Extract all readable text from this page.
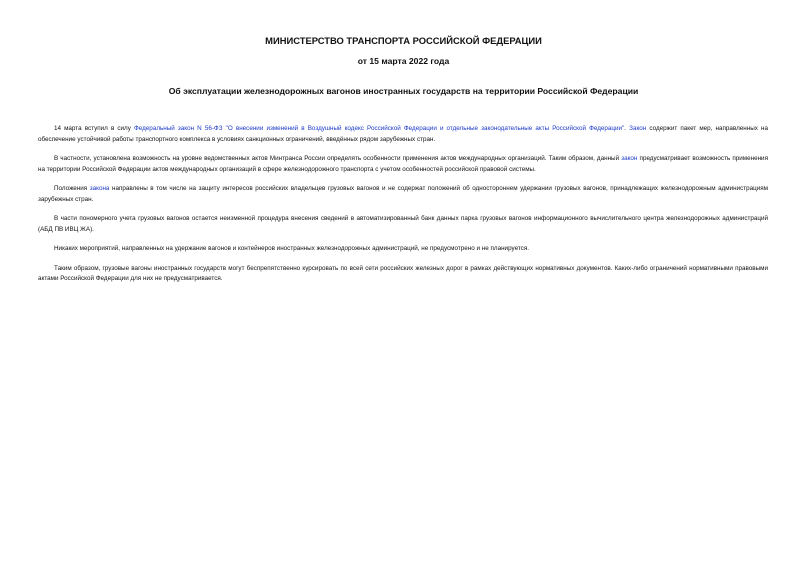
МИНИСТЕРСТВО ТРАНСПОРТА РОССИЙСКОЙ ФЕДЕРАЦИИ
от 15 марта 2022 года
Об эксплуатации железнодорожных вагонов иностранных государств на территории Российской Федерации

14 марта вступил в силу Федеральный закон N 56-ФЗ "О внесении изменений в Воздушный кодекс Российской Федерации и отдельные законодательные акты Российской Федерации". Закон содержит пакет мер, направленных на обеспечение устойчивой работы транспортного комплекса в условиях санкционных ограничений, введённых рядом зарубежных стран.

В частности, установлена возможность на уровне ведомственных актов Минтранса России определять особенности применения актов международных организаций. Таким образом, данный закон предусматривает возможность применения на территории Российской Федерации актов международных организаций в сфере железнодорожного транспорта с учетом особенностей российской правовой системы.

Положения закона направлены в том числе на защиту интересов российских владельцев грузовых вагонов и не содержат положений об одностороннем удержании грузовых вагонов, принадлежащих железнодорожным администрациям зарубежных стран.

В части пономерного учета грузовых вагонов остается неизменной процедура внесения сведений в автоматизированный банк данных парка грузовых вагонов информационного вычислительного центра железнодорожных администраций (АБД ПВ ИВЦ ЖА).

Никаких мероприятий, направленных на удержание вагонов и контейнеров иностранных железнодорожных администраций, не предусмотрено и не планируется.

Таким образом, грузовые вагоны иностранных государств могут беспрепятственно курсировать по всей сети российских железных дорог в рамках действующих нормативных документов. Каких-либо ограничений нормативными правовыми актами Российской Федерации для них не предусматривается.
